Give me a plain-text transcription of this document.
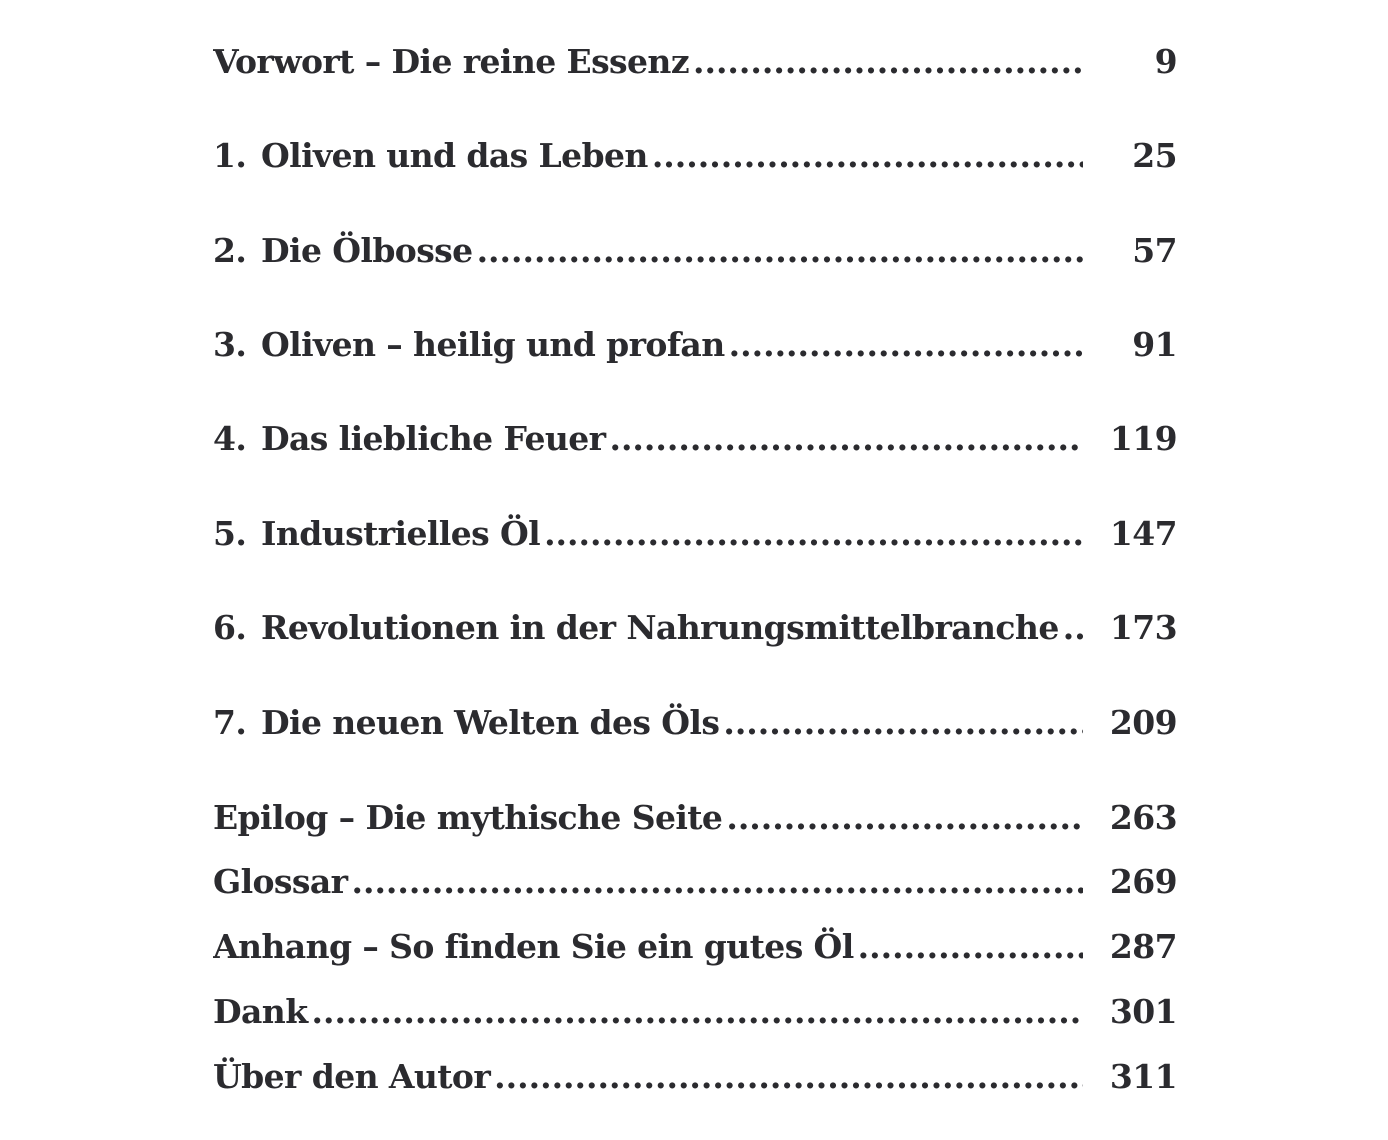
Vorwort – Die reine Essenz .....	9
1. Oliven und das Leben .....	25
2. Die Ölbosse .....	57
3. Oliven – heilig und profan .....	91
4. Das liebliche Feuer .....	119
5. Industrielles Öl .....	147
6. Revolutionen in der Nahrungsmittelbranche .....	173
7. Die neuen Welten des Öls .....	209
Epilog – Die mythische Seite .....	263
Glossar .....	269
Anhang – So finden Sie ein gutes Öl .....	287
Dank .....	301
Über den Autor .....	311
